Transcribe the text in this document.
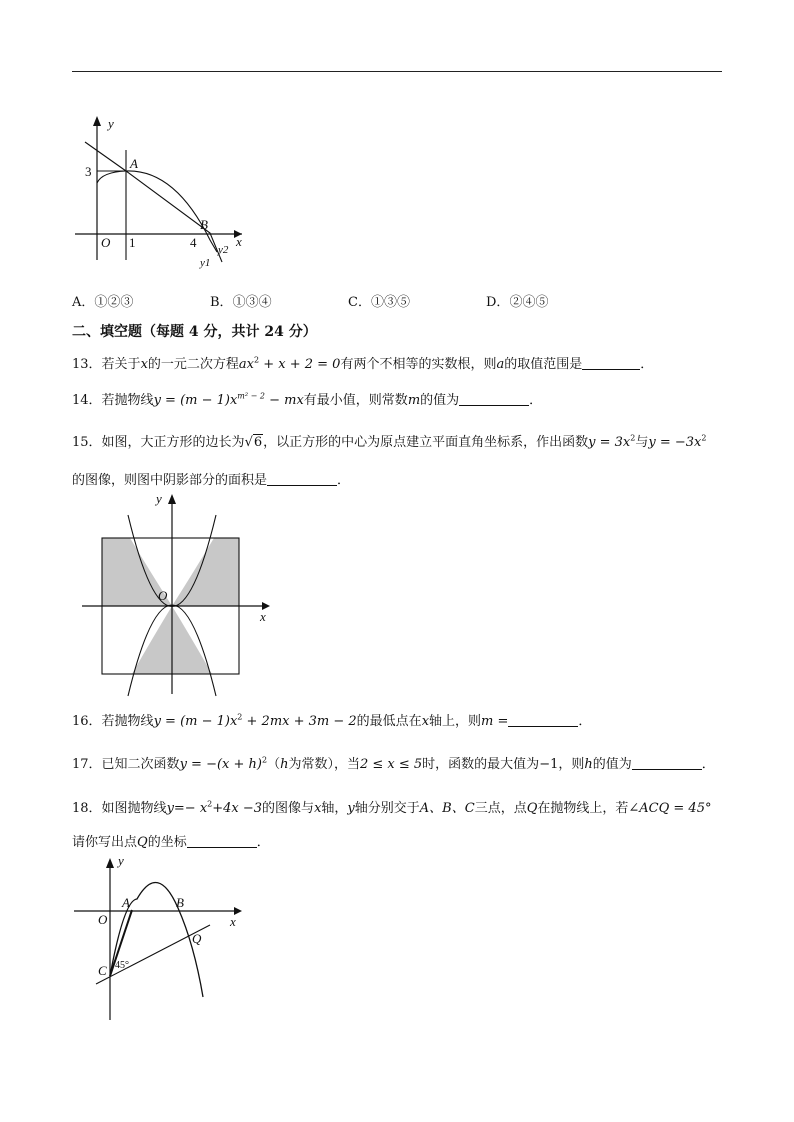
y
x
O
3
1	4
A
B
y2
y1
A．①②③	B．①③④	C．①③⑤	D．②④⑤
二、填空题（每题 4 分，共计 24 分）
13．若关于x的一元二次方程$ax^2 + x + 2 = 0$有两个不相等的实数根，则a的取值范围是	．
14．若抛物线$y = (m - 1)x^{m^2 - 2}$ − mx有最小值，则常数m的值为	．
15．如图，大正方形的边长为√6，以正方形的中心为原点建立平面直角坐标系，作出函数$y = 3x^2$与$y = -3x^2$
的图像，则图中阴影部分的面积是	．
y
x
O
16．若抛物线$y = (m - 1)x^2 + 2mx + 3m - 2$的最低点在x轴上，则m =	．
17．已知二次函数$y = -(x + h)^2(h$为常数），当2 ≤ x ≤ 5时，函数的最大值为−1，则h的值为	．
18．如图抛物线$y=- x^2+4x -3$的图像与x轴，y轴分别交于A、B、C三点，点Q在抛物线上，若∠ACQ = 45°
请你写出点Q的坐标	．
y
x
O
A	B
C
Q
45°
